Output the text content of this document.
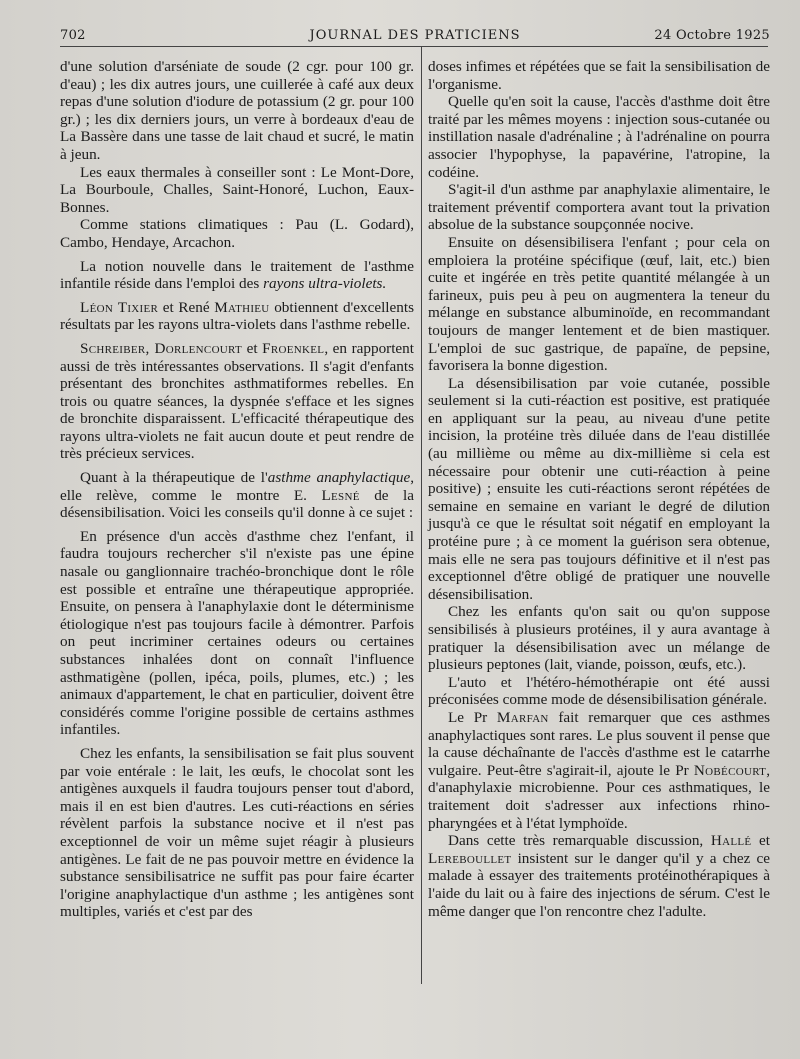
702	JOURNAL DES PRATICIENS	24 Octobre 1925

d'une solution d'arséniate de soude (2 cgr. pour 100 gr. d'eau) ; les dix autres jours, une cuillerée à café aux deux repas d'une solution d'iodure de potassium (2 gr. pour 100 gr.) ; les dix derniers jours, un verre à bordeaux d'eau de La Bassère dans une tasse de lait chaud et sucré, le matin à jeun.

Les eaux thermales à conseiller sont : Le Mont-Dore, La Bourboule, Challes, Saint-Honoré, Luchon, Eaux-Bonnes.

Comme stations climatiques : Pau (L. Godard), Cambo, Hendaye, Arcachon.

La notion nouvelle dans le traitement de l'asthme infantile réside dans l'emploi des rayons ultra-violets.

Léon Tixier et René Mathieu obtiennent d'excellents résultats par les rayons ultra-violets dans l'asthme rebelle.

Schreiber, Dorlencourt et Froenkel, en rapportent aussi de très intéressantes observations. Il s'agit d'enfants présentant des bronchites asthmatiformes rebelles. En trois ou quatre séances, la dyspnée s'efface et les signes de bronchite disparaissent. L'efficacité thérapeutique des rayons ultra-violets ne fait aucun doute et peut rendre de très précieux services.

Quant à la thérapeutique de l'asthme anaphylactique, elle relève, comme le montre E. Lesné de la désensibilisation. Voici les conseils qu'il donne à ce sujet :

En présence d'un accès d'asthme chez l'enfant, il faudra toujours rechercher s'il n'existe pas une épine nasale ou ganglionnaire trachéo-bronchique dont le rôle est possible et entraîne une thérapeutique appropriée. Ensuite, on pensera à l'anaphylaxie dont le déterminisme étiologique n'est pas toujours facile à démontrer. Parfois on peut incriminer certaines odeurs ou certaines substances inhalées dont on connaît l'influence asthmatigène (pollen, ipéca, poils, plumes, etc.) ; les animaux d'appartement, le chat en particulier, doivent être considérés comme l'origine possible de certains asthmes infantiles.

Chez les enfants, la sensibilisation se fait plus souvent par voie entérale : le lait, les œufs, le chocolat sont les antigènes auxquels il faudra toujours penser tout d'abord, mais il en est bien d'autres. Les cuti-réactions en séries révèlent parfois la substance nocive et il n'est pas exceptionnel de voir un même sujet réagir à plusieurs antigènes. Le fait de ne pas pouvoir mettre en évidence la substance sensibilisatrice ne suffit pas pour faire écarter l'origine anaphylactique d'un asthme ; les antigènes sont multiples, variés et c'est par des

doses infimes et répétées que se fait la sensibilisation de l'organisme.

Quelle qu'en soit la cause, l'accès d'asthme doit être traité par les mêmes moyens : injection sous-cutanée ou instillation nasale d'adrénaline ; à l'adrénaline on pourra associer l'hypophyse, la papavérine, l'atropine, la codéine.

S'agit-il d'un asthme par anaphylaxie alimentaire, le traitement préventif comportera avant tout la privation absolue de la substance soupçonnée nocive.

Ensuite on désensibilisera l'enfant ; pour cela on emploiera la protéine spécifique (œuf, lait, etc.) bien cuite et ingérée en très petite quantité mélangée à un farineux, puis peu à peu on augmentera la teneur du mélange en substance albuminoïde, en recommandant toujours de manger lentement et de bien mastiquer. L'emploi de suc gastrique, de papaïne, de pepsine, favorisera la bonne digestion.

La désensibilisation par voie cutanée, possible seulement si la cuti-réaction est positive, est pratiquée en appliquant sur la peau, au niveau d'une petite incision, la protéine très diluée dans de l'eau distillée (au millième ou même au dix-millième si cela est nécessaire pour obtenir une cuti-réaction à peine positive) ; ensuite les cuti-réactions seront répétées de semaine en semaine en variant le degré de dilution jusqu'à ce que le résultat soit négatif en employant la protéine pure ; à ce moment la guérison sera obtenue, mais elle ne sera pas toujours définitive et il n'est pas exceptionnel d'être obligé de pratiquer une nouvelle désensibilisation.

Chez les enfants qu'on sait ou qu'on suppose sensibilisés à plusieurs protéines, il y aura avantage à pratiquer la désensibilisation avec un mélange de plusieurs peptones (lait, viande, poisson, œufs, etc.).

L'auto et l'hétéro-hémothérapie ont été aussi préconisées comme mode de désensibilisation générale.

Le Pr Marfan fait remarquer que ces asthmes anaphylactiques sont rares. Le plus souvent il pense que la cause déchaînante de l'accès d'asthme est le catarrhe vulgaire. Peut-être s'agirait-il, ajoute le Pr Nobécourt, d'anaphylaxie microbienne. Pour ces asthmatiques, le traitement doit s'adresser aux infections rhino-pharyngées et à l'état lymphoïde.

Dans cette très remarquable discussion, Hallé et Lereboullet insistent sur le danger qu'il y a chez ce malade à essayer des traitements protéinothérapiques à l'aide du lait ou à faire des injections de sérum. C'est le même danger que l'on rencontre chez l'adulte.
